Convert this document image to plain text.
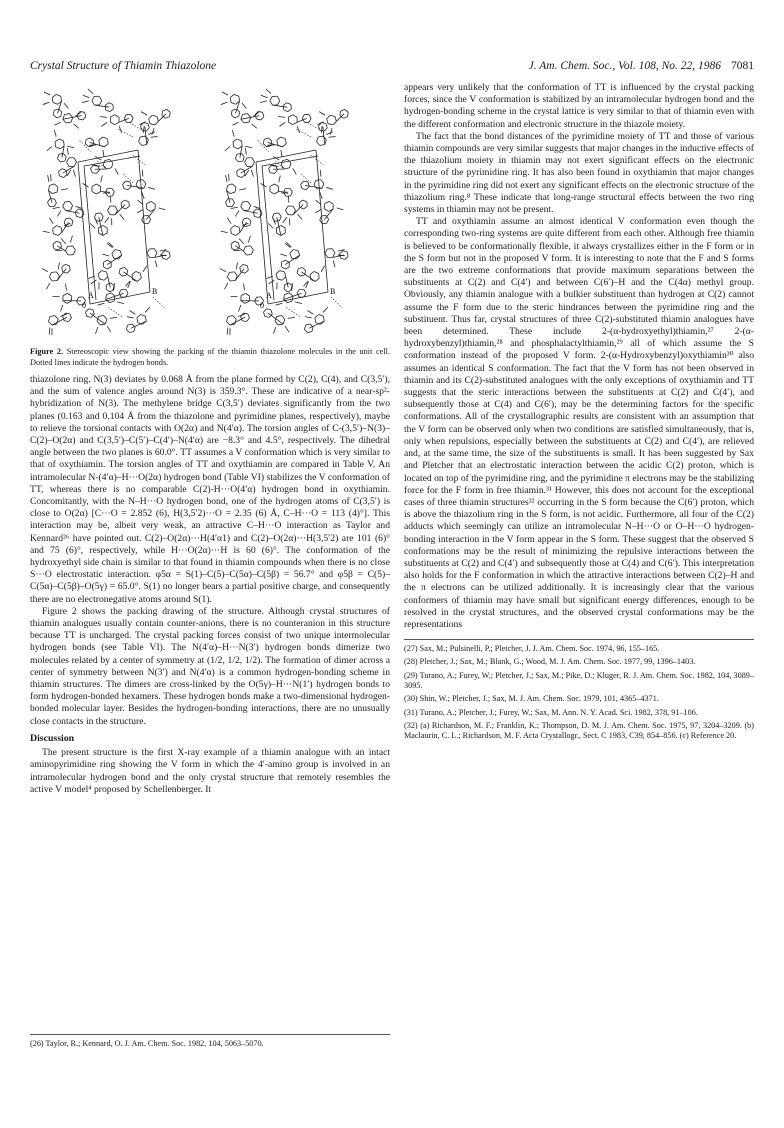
Crystal Structure of Thiamin Thiazolone	J. Am. Chem. Soc., Vol. 108, No. 22, 1986 7081
0
A	B
0
A	B
Figure 2. Stereoscopic view showing the packing of the thiamin thiazolone molecules in the unit cell. Dotted lines indicate the hydrogen bonds.

thiazolone ring. N(3) deviates by 0.068 Å from the plane formed by C(2), C(4), and C(3,5′), and the sum of valence angles around N(3) is 359.3°. These are indicative of a near-sp²-hybridization of N(3). The methylene bridge C(3,5′) deviates significantly from the two planes (0.163 and 0.104 Å from the thiazolone and pyrimidine planes, respectively), maybe to relieve the torsional contacts with O(2α) and N(4′α). The torsion angles of C-(3,5′)–N(3)–C(2)–O(2α) and C(3,5′)–C(5′)–C(4′)–N(4′α) are −8.3° and 4.5°, respectively. The dihedral angle between the two planes is 60.0°. TT assumes a V conformation which is very similar to that of oxythiamin. The torsion angles of TT and oxythiamin are compared in Table V. An intramolecular N-(4′α)–H···O(2α) hydrogen bond (Table VI) stabilizes the V conformation of TT, whereas there is no comparable C(2)-H···O(4′α) hydrogen bond in oxythiamin. Concomitantly, with the N–H···O hydrogen bond, one of the hydrogen atoms of C(3,5′) is close to O(2α) [C···O = 2.852 (6), H(3,5′2)···O = 2.35 (6) Å, C–H···O = 113 (4)°]. This interaction may be, albeit very weak, an attractive C–H···O interaction as Taylor and Kennard²⁶ have pointed out. C(2)–O(2α)···H(4′α1) and C(2)–O(2α)···H(3,5′2) are 101 (6)° and 75 (6)°, respectively, while H···O(2α)···H is 60 (6)°. The conformation of the hydroxyethyl side chain is similar to that found in thiamin compounds when there is no close S···O electrostatic interaction. φ5α = S(1)–C(5)–C(5α)–C(5β) = 56.7° and φ5β = C(5)–C(5α)–C(5β)–O(5γ) = 65.0°. S(1) no longer bears a partial positive charge, and consequently there are no electronegative atoms around S(1).

Figure 2 shows the packing drawing of the structure. Although crystal structures of thiamin analogues usually contain counter-anions, there is no counteranion in this structure because TT is uncharged. The crystal packing forces consist of two unique intermolecular hydrogen bonds (see Table VI). The N(4′α)–H···N(3′) hydrogen bonds dimerize two molecules related by a center of symmetry at (1/2, 1/2, 1/2). The formation of dimer across a center of symmetry between N(3′) and N(4′α) is a common hydrogen-bonding scheme in thiamin structures. The dimers are cross-linked by the O(5γ)–H···N(1′) hydrogen bonds to form hydrogen-bonded hexamers. These hydrogen bonds make a two-dimensional hydrogen-bonded molecular layer. Besides the hydrogen-bonding interactions, there are no unusually close contacts in the structure.

Discussion

The present structure is the first X-ray example of a thiamin analogue with an intact aminopyrimidine ring showing the V form in which the 4′-amino group is involved in an intramolecular hydrogen bond and the only crystal structure that remotely resembles the active V model⁴ proposed by Schellenberger. It

(26) Taylor, R.; Kennard, O. J. Am. Chem. Soc. 1982, 104, 5063–5070.

appears very unlikely that the conformation of TT is influenced by the crystal packing forces, since the V conformation is stabilized by an intramolecular hydrogen bond and the hydrogen-bonding scheme in the crystal lattice is very similar to that of thiamin even with the different conformation and electronic structure in the thiazole moiety.

The fact that the bond distances of the pyrimidine moiety of TT and those of various thiamin compounds are very similar suggests that major changes in the inductive effects of the thiazolium moiety in thiamin may not exert significant effects on the electronic structure of the pyrimidine ring. It has also been found in oxythiamin that major changes in the pyrimidine ring did not exert any significant effects on the electronic structure of the thiazolium ring.⁸ These indicate that long-range structural effects between the two ring systems in thiamin may not be present.

TT and oxythiamin assume an almost identical V conformation even though the corresponding two-ring systems are quite different from each other. Although free thiamin is believed to be conformationally flexible, it always crystallizes either in the F form or in the S form but not in the proposed V form. It is interesting to note that the F and S forms are the two extreme conformations that provide maximum separations between the substituents at C(2) and C(4′) and between C(6′)–H and the C(4α) methyl group. Obviously, any thiamin analogue with a bulkier substituent than hydrogen at C(2) cannot assume the F form due to the steric hindrances between the pyrimidine ring and the substituent. Thus far, crystal structures of three C(2)-substituted thiamin analogues have been determined. These include 2-(α-hydroxyethyl)thiamin,²⁷ 2-(α-hydroxybenzyl)thiamin,²⁸ and phosphalactylthiamin,²⁹ all of which assume the S conformation instead of the proposed V form. 2-(α-Hydroxybenzyl)oxythiamin³⁰ also assumes an identical S conformation. The fact that the V form has not been observed in thiamin and its C(2)-substituted analogues with the only exceptions of oxythiamin and TT suggests that the steric interactions between the substituents at C(2) and C(4′), and subsequently those at C(4) and C(6′), may be the determining factors for the specific conformations. All of the crystallographic results are consistent with an assumption that the V form can be observed only when two conditions are satisfied simultaneously, that is, only when repulsions, especially between the substituents at C(2) and C(4′), are relieved and, at the same time, the size of the substituents is small. It has been suggested by Sax and Pletcher that an electrostatic interaction between the acidic C(2) proton, which is located on top of the pyrimidine ring, and the pyrimidine π electrons may be the stabilizing force for the F form in free thiamin.³¹ However, this does not account for the exceptional cases of three thiamin structures³² occurring in the S form because the C(6′) proton, which is above the thiazolium ring in the S form, is not acidic. Furthermore, all four of the C(2) adducts which seemingly can utilize an intramolecular N–H···O or O–H···O hydrogen-bonding interaction in the V form appear in the S form. These suggest that the observed S conformations may be the result of minimizing the repulsive interactions between the substituents at C(2) and C(4′) and subsequently those at C(4) and C(6′). This interpretation also holds for the F conformation in which the attractive interactions between C(2)–H and the π electrons can be utilized additionally. It is increasingly clear that the various conformers of thiamin may have small but significant energy differences, enough to be resolved in the crystal structures, and the observed crystal conformations may be the representations

(27) Sax, M.; Pulsinelli, P.; Pletcher, J. J. Am. Chem. Soc. 1974, 96, 155–165.
(28) Pletcher, J.; Sax, M.; Blank, G.; Wood, M. J. Am. Chem. Soc. 1977, 99, 1396–1403.
(29) Turano, A.; Furey, W.; Pletcher, J.; Sax, M.; Pike, D.; Kluger, R. J. Am. Chem. Soc. 1982, 104, 3089–3095.
(30) Shin, W.; Pletcher, J.; Sax, M. J. Am. Chem. Soc. 1979, 101, 4365–4371.
(31) Turano, A.; Pletcher, J.; Furey, W.; Sax, M. Ann. N. Y. Acad. Sci. 1982, 378, 91–106.
(32) (a) Richardson, M. F.; Franklin, K.; Thompson, D. M. J. Am. Chem. Soc. 1975, 97, 3204–3209. (b) Maclaurin, C. L.; Richardson, M. F. Acta Crystallogr., Sect. C 1983, C39, 854–856. (c) Reference 20.
